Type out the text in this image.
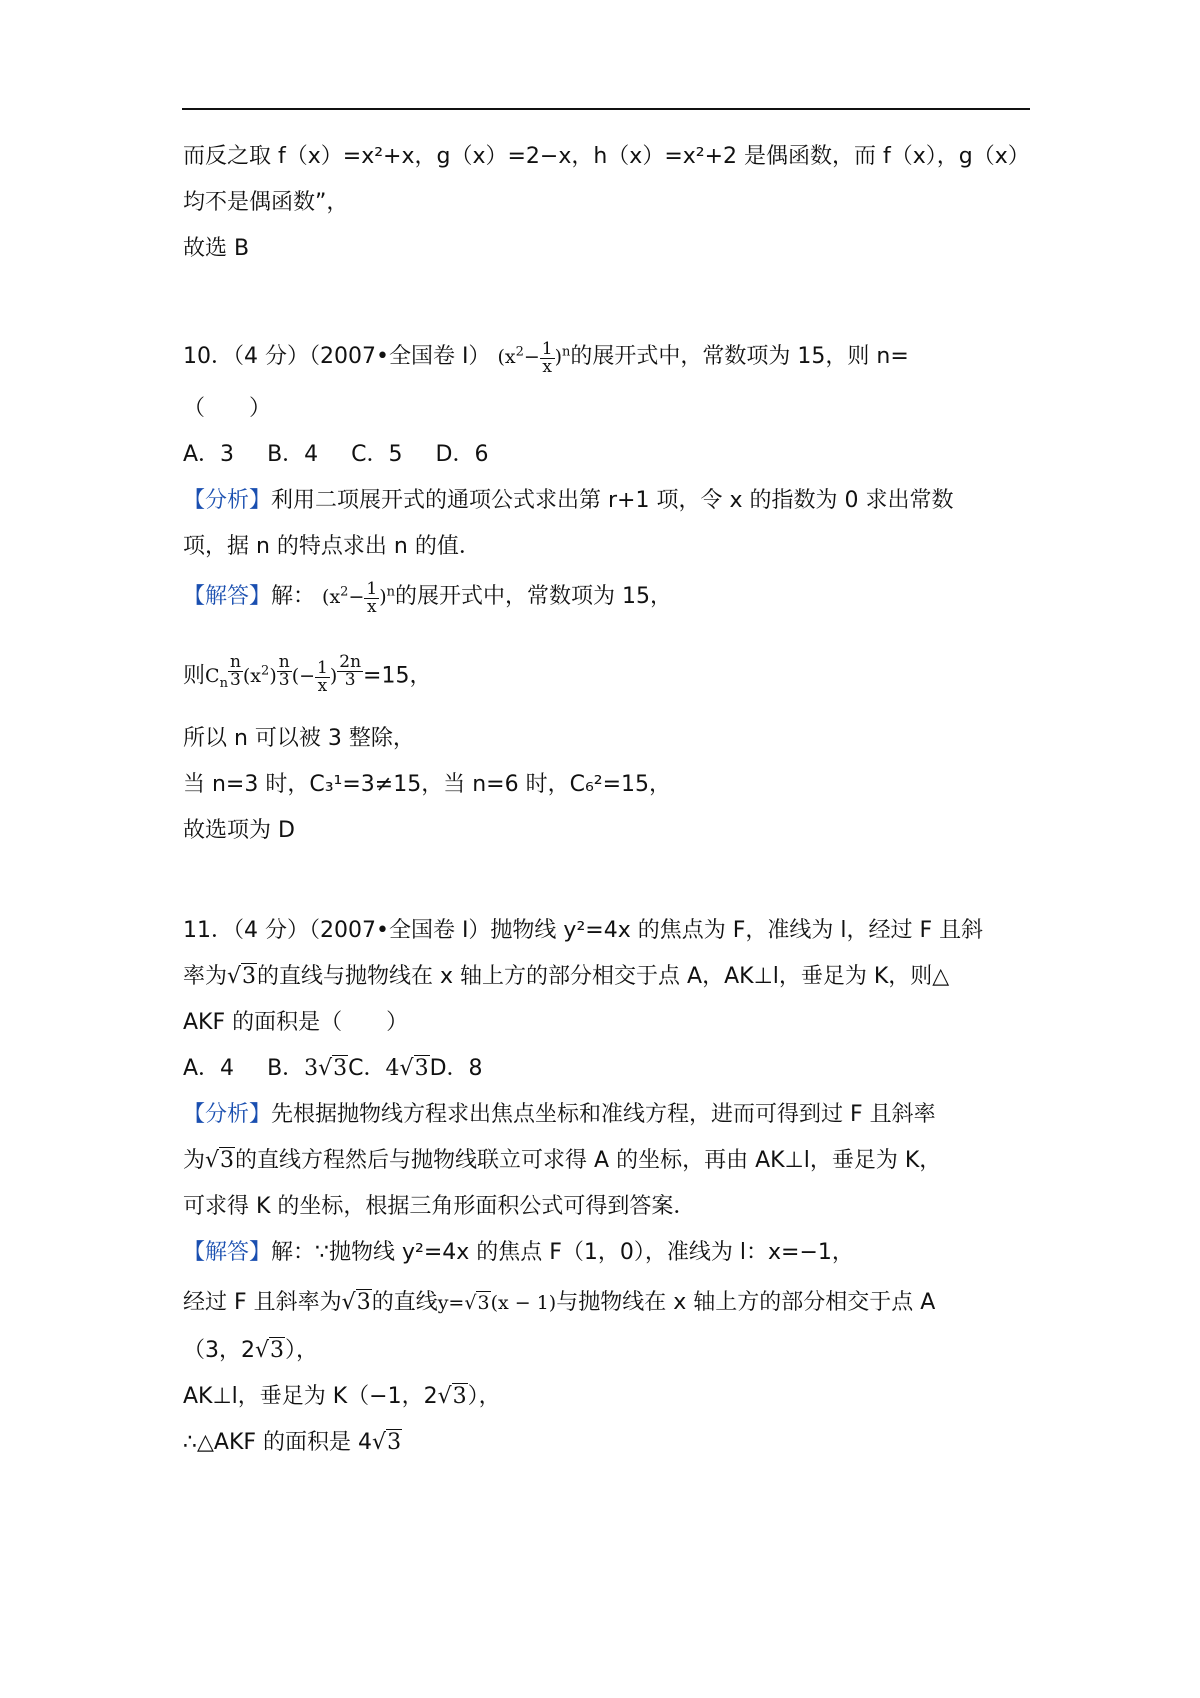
而反之取 f（x）=x²+x，g（x）=2−x，h（x）=x²+2 是偶函数，而 f（x），g（x）
均不是偶函数”，
故选 B
10．（4 分）（2007•全国卷 I） $(x^2- \frac{1}{x} )^n$的展开式中，常数项为 15，则 n=
（　　）
A．3 B．4 C．5 D．6
【分析】利用二项展开式的通项公式求出第 r+1 项，令 x 的指数为 0 求出常数
项，据 n 的特点求出 n 的值．
【解答】解： $(x^2- \frac{1}{x} )^n$的展开式中，常数项为 15，
则$C_n$ $^{\frac{n}{3}}$ $(x^2)$ $^{\frac{n}{3}}$ (− $\frac{1}{x}$ ) $^{\frac{2n}{3}}$ =15，
所以 n 可以被 3 整除，
当 n=3 时，C₃¹=3≠15，当 n=6 时，C₆²=15，
故选项为 D
11．（4 分）（2007•全国卷 I）抛物线 y²=4x 的焦点为 F，准线为 l，经过 F 且斜
率为√3的直线与抛物线在 x 轴上方的部分相交于点 A，AK⊥l，垂足为 K，则△
AKF 的面积是（　　）
A．4 B．3√3C．4√3D．8
【分析】先根据抛物线方程求出焦点坐标和准线方程，进而可得到过 F 且斜率
为√3的直线方程然后与抛物线联立可求得 A 的坐标，再由 AK⊥l，垂足为 K，
可求得 K 的坐标，根据三角形面积公式可得到答案．
【解答】解：∵抛物线 y²=4x 的焦点 F（1，0），准线为 l：x=−1，
经过 F 且斜率为√3的直线y=√3(x − 1)与抛物线在 x 轴上方的部分相交于点 A
（3，2√3），
AK⊥l，垂足为 K（−1，2√3），
∴△AKF 的面积是 4√3
